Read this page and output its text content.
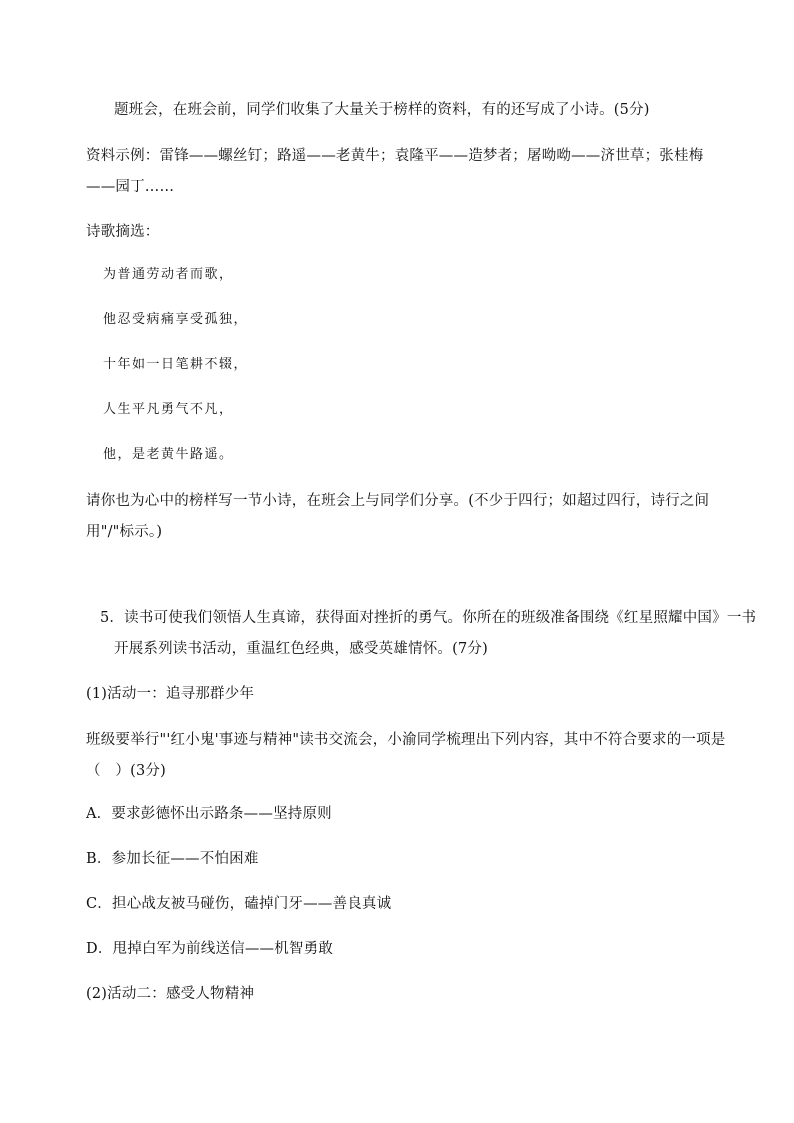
题班会，在班会前，同学们收集了大量关于榜样的资料，有的还写成了小诗。(5分)
资料示例：雷锋——螺丝钉；路遥——老黄牛；袁隆平——造梦者；屠呦呦——济世草；张桂梅——园丁……
诗歌摘选：
为普通劳动者而歌，
他忍受病痛享受孤独，
十年如一日笔耕不辍，
人生平凡勇气不凡，
他，是老黄牛路遥。
请你也为心中的榜样写一节小诗，在班会上与同学们分享。(不少于四行；如超过四行，诗行之间用"/"标示。)
5．读书可使我们领悟人生真谛，获得面对挫折的勇气。你所在的班级准备围绕《红星照耀中国》一书
开展系列读书活动，重温红色经典，感受英雄情怀。(7分)
(1)活动一：追寻那群少年
班级要举行"'红小鬼'事迹与精神"读书交流会，小渝同学梳理出下列内容，其中不符合要求的一项是（　）(3分)
A．要求彭德怀出示路条——坚持原则
B．参加长征——不怕困难
C．担心战友被马碰伤，磕掉门牙——善良真诚
D．甩掉白军为前线送信——机智勇敢
(2)活动二：感受人物精神
